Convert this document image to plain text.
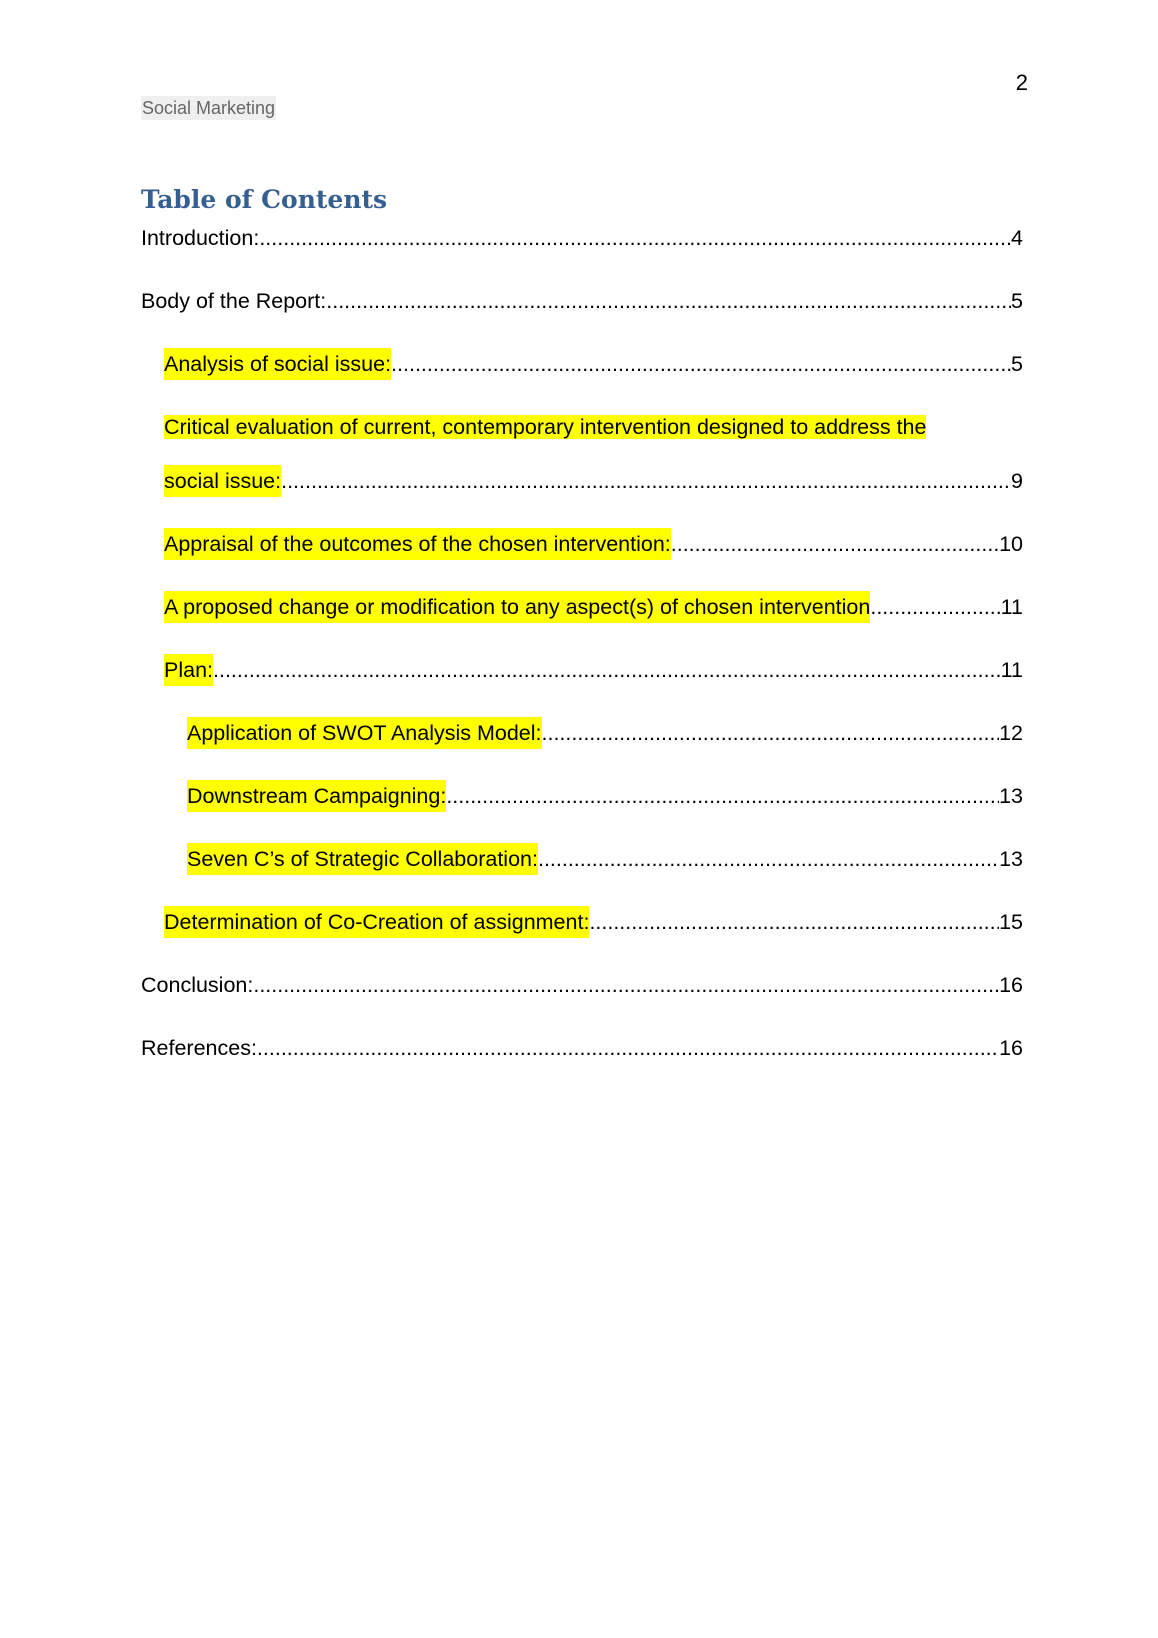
2
Social Marketing
Table of Contents
Introduction: .....	4
Body of the Report: .....	5
Analysis of social issue: .....	5
Critical evaluation of current, contemporary intervention designed to address the
social issue: .....	9
Appraisal of the outcomes of the chosen intervention: .....	10
A proposed change or modification to any aspect(s) of chosen intervention .....	11
Plan: .....	11
Application of SWOT Analysis Model: .....	12
Downstream Campaigning: .....	13
Seven C’s of Strategic Collaboration: .....	13
Determination of Co-Creation of assignment: .....	15
Conclusion: .....	16
References: .....	16
